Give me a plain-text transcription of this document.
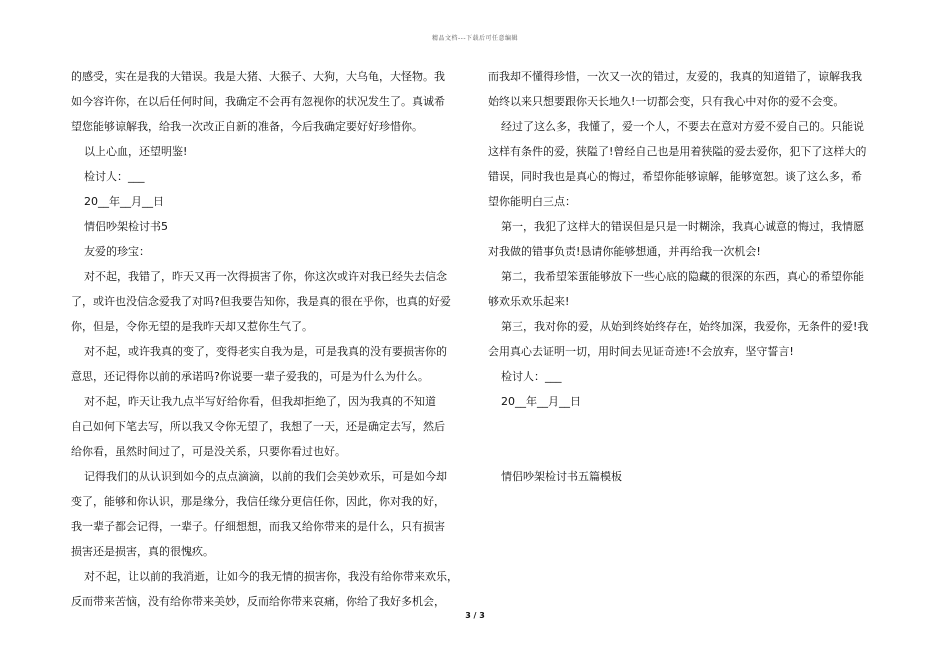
精品文档---下载后可任意编辑

的感受，实在是我的大错误。我是大猪、大猴子、大狗，大乌龟，大怪物。我

如今容许你，在以后任何时间，我确定不会再有忽视你的状况发生了。真诚希

望您能够谅解我，给我一次改正自新的准备，今后我确定要好好珍惜你。

以上心血，还望明鉴!

检讨人：___

20__年__月__日

情侣吵架检讨书5

友爱的珍宝：

对不起，我错了，昨天又再一次得损害了你，你这次或许对我已经失去信念

了，或许也没信念爱我了对吗?但我要告知你，我是真的很在乎你，也真的好爱

你，但是，令你无望的是我昨天却又惹你生气了。

对不起，或许我真的变了，变得老实自我为是，可是我真的没有要损害你的

意思，还记得你以前的承诺吗?你说要一辈子爱我的，可是为什么为什么。

对不起，昨天让我九点半写好给你看，但我却拒绝了，因为我真的不知道

自己如何下笔去写，所以我又令你无望了，我想了一天，还是确定去写，然后

给你看，虽然时间过了，可是没关系，只要你看过也好。

记得我们的从认识到如今的点点滴滴，以前的我们会美妙欢乐，可是如今却

变了，能够和你认识，那是缘分，我信任缘分更信任你，因此，你对我的好，

我一辈子都会记得，一辈子。仔细想想，而我又给你带来的是什么，只有损害

损害还是损害，真的很愧疚。

对不起，让以前的我消逝，让如今的我无情的损害你，我没有给你带来欢乐，

反而带来苦恼，没有给你带来美妙，反而给你带来哀痛，你给了我好多机会，

而我却不懂得珍惜，一次又一次的错过，友爱的，我真的知道错了，谅解我我

始终以来只想要跟你天长地久!一切都会变，只有我心中对你的爱不会变。

经过了这么多，我懂了，爱一个人，不要去在意对方爱不爱自己的。只能说

这样有条件的爱，狭隘了!曾经自己也是用着狭隘的爱去爱你，犯下了这样大的

错误，同时我也是真心的悔过，希望你能够谅解，能够宽恕。谈了这么多，希

望你能明白三点：

第一，我犯了这样大的错误但是只是一时糊涂，我真心诚意的悔过，我情愿

对我做的错事负责!恳请你能够想通，并再给我一次机会!

第二，我希望笨蛋能够放下一些心底的隐藏的很深的东西，真心的希望你能

够欢乐欢乐起来!

第三，我对你的爱，从始到终始终存在，始终加深，我爱你，无条件的爱!我

会用真心去证明一切，用时间去见证奇迹!不会放弃，坚守誓言!

检讨人：___

20__年__月__日

情侣吵架检讨书五篇模板

3 / 3
